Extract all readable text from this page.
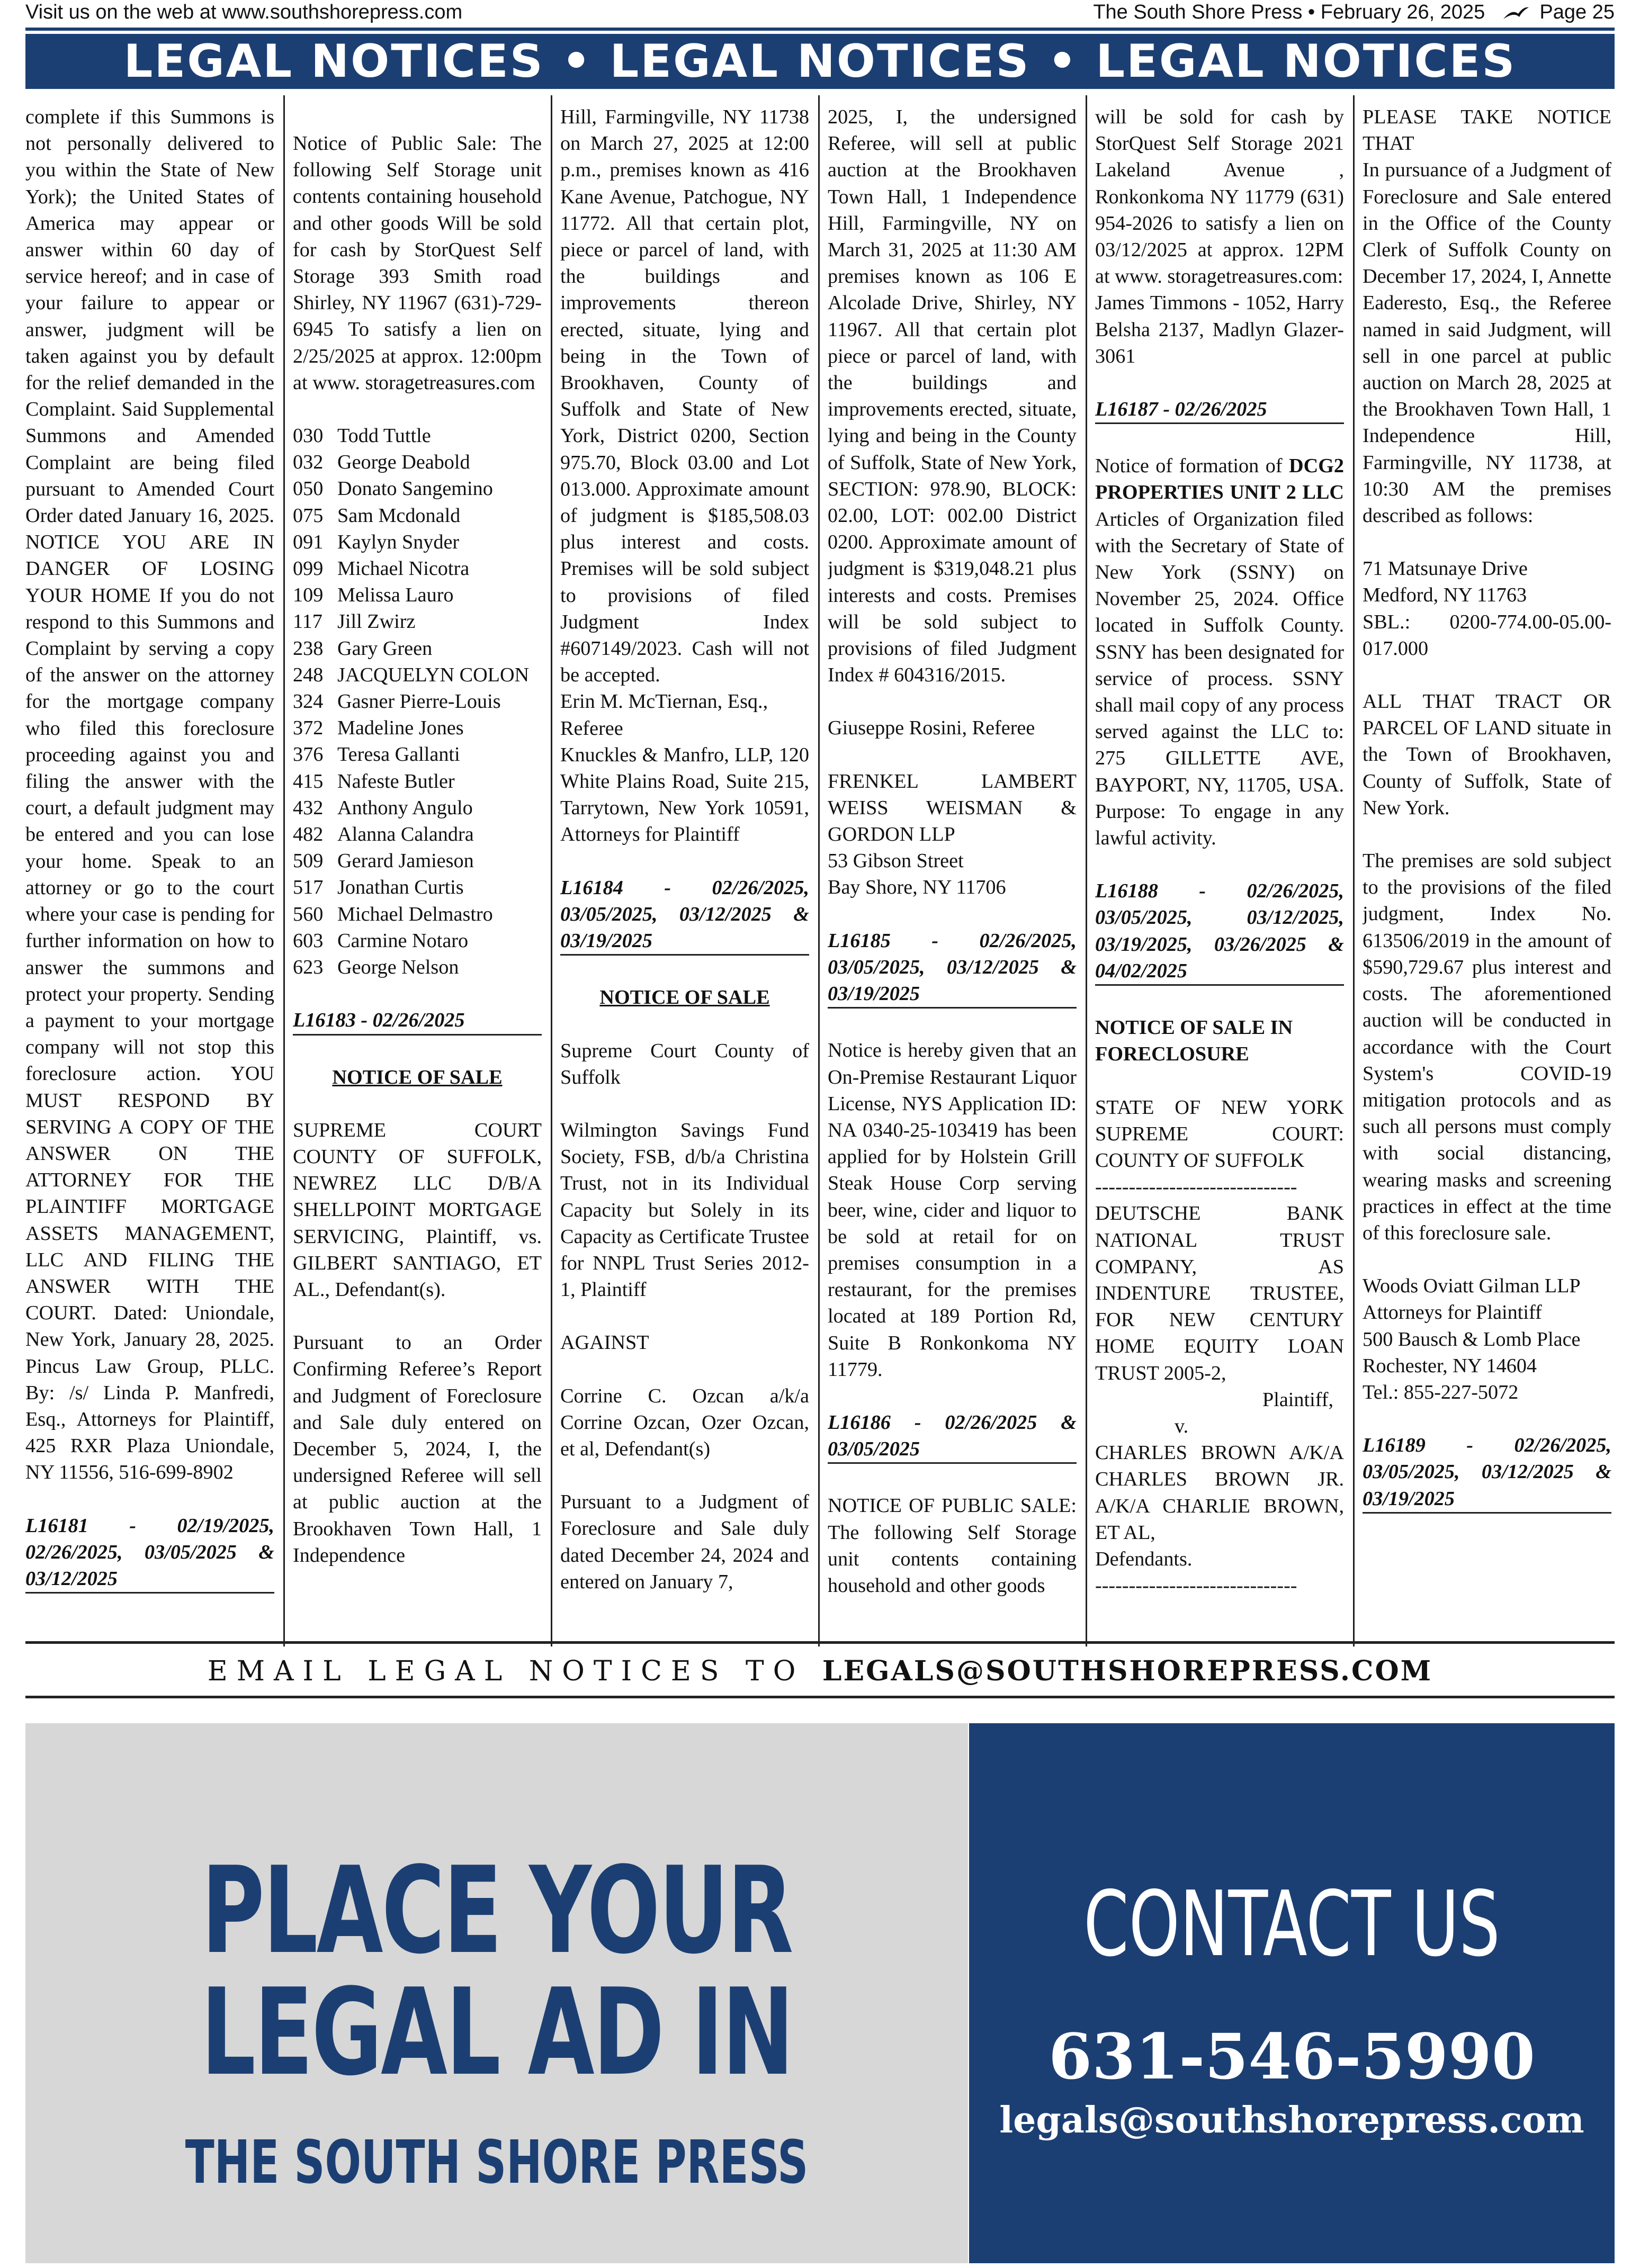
Visit us on the web at www.southshorepress.com	The South Shore Press • February 26, 2025	Page 25
LEGAL NOTICES • LEGAL NOTICES • LEGAL NOTICES

complete if this Summons is not personally delivered to you within the State of New York); the United States of America may appear or answer within 60 day of service hereof; and in case of your failure to appear or answer, judgment will be taken against you by default for the relief demanded in the Complaint. Said Supplemental Summons and Amended Complaint are being filed pursuant to Amended Court Order dated January 16, 2025. NOTICE YOU ARE IN DANGER OF LOSING YOUR HOME If you do not respond to this Summons and Complaint by serving a copy of the answer on the attorney for the mortgage company who filed this foreclosure proceeding against you and filing the answer with the court, a default judgment may be entered and you can lose your home. Speak to an attorney or go to the court where your case is pending for further information on how to answer the summons and protect your property. Sending a payment to your mortgage company will not stop this foreclosure action. YOU MUST RESPOND BY SERVING A COPY OF THE ANSWER ON THE ATTORNEY FOR THE PLAINTIFF MORTGAGE ASSETS MANAGEMENT, LLC AND FILING THE ANSWER WITH THE COURT. Dated: Uniondale, New York, January 28, 2025. Pincus Law Group, PLLC. By: /s/ Linda P. Manfredi, Esq., Attorneys for Plaintiff, 425 RXR Plaza Uniondale, NY 11556, 516-699-8902

L16181 - 02/19/2025, 02/26/2025, 03/05/2025 & 03/12/2025

Notice of Public Sale: The following Self Storage unit contents containing household and other goods Will be sold for cash by StorQuest Self Storage 393 Smith road Shirley, NY 11967 (631)-729-6945 To satisfy a lien on 2/25/2025 at approx. 12:00pm at www. storagetreasures.com

030 Todd Tuttle

032 George Deabold

050 Donato Sangemino

075 Sam Mcdonald

091 Kaylyn Snyder

099 Michael Nicotra

109 Melissa Lauro

117 Jill Zwirz

238 Gary Green

248 JACQUELYN COLON

324 Gasner Pierre-Louis

372 Madeline Jones

376 Teresa Gallanti

415 Nafeste Butler

432 Anthony Angulo

482 Alanna Calandra

509 Gerard Jamieson

517 Jonathan Curtis

560 Michael Delmastro

603 Carmine Notaro

623 George Nelson

L16183 - 02/26/2025

NOTICE OF SALE

SUPREME COURT COUNTY OF SUFFOLK, NEWREZ LLC D/B/A SHELLPOINT MORTGAGE SERVICING, Plaintiff, vs. GILBERT SANTIAGO, ET AL., Defendant(s).

Pursuant to an Order Confirming Referee’s Report and Judgment of Foreclosure and Sale duly entered on December 5, 2024, I, the undersigned Referee will sell at public auction at the Brookhaven Town Hall, 1 Independence

Hill, Farmingville, NY 11738 on March 27, 2025 at 12:00 p.m., premises known as 416 Kane Avenue, Patchogue, NY 11772. All that certain plot, piece or parcel of land, with the buildings and improvements thereon erected, situate, lying and being in the Town of Brookhaven, County of Suffolk and State of New York, District 0200, Section 975.70, Block 03.00 and Lot 013.000. Approximate amount of judgment is $185,508.03 plus interest and costs. Premises will be sold subject to provisions of filed Judgment Index #607149/2023. Cash will not be accepted.

Erin M. McTiernan, Esq., Referee

Knuckles & Manfro, LLP, 120 White Plains Road, Suite 215, Tarrytown, New York 10591, Attorneys for Plaintiff

L16184 - 02/26/2025, 03/05/2025, 03/12/2025 & 03/19/2025

NOTICE OF SALE

Supreme Court County of Suffolk

Wilmington Savings Fund Society, FSB, d/b/a Christina Trust, not in its Individual Capacity but Solely in its Capacity as Certificate Trustee for NNPL Trust Series 2012-1, Plaintiff

AGAINST

Corrine C. Ozcan a/k/a Corrine Ozcan, Ozer Ozcan, et al, Defendant(s)

Pursuant to a Judgment of Foreclosure and Sale duly dated December 24, 2024 and entered on January 7,

2025, I, the undersigned Referee, will sell at public auction at the Brookhaven Town Hall, 1 Independence Hill, Farmingville, NY on March 31, 2025 at 11:30 AM premises known as 106 E Alcolade Drive, Shirley, NY 11967. All that certain plot piece or parcel of land, with the buildings and improvements erected, situate, lying and being in the County of Suffolk, State of New York, SECTION: 978.90, BLOCK: 02.00, LOT: 002.00 District 0200. Approximate amount of judgment is $319,048.21 plus interests and costs. Premises will be sold subject to provisions of filed Judgment Index # 604316/2015.

Giuseppe Rosini, Referee

FRENKEL LAMBERT WEISS WEISMAN & GORDON LLP

53 Gibson Street

Bay Shore, NY 11706

L16185 - 02/26/2025, 03/05/2025, 03/12/2025 & 03/19/2025

Notice is hereby given that an On-Premise Restaurant Liquor License, NYS Application ID: NA 0340-25-103419 has been applied for by Holstein Grill Steak House Corp serving beer, wine, cider and liquor to be sold at retail for on premises consumption in a restaurant, for the premises located at 189 Portion Rd, Suite B Ronkonkoma NY 11779.

L16186 - 02/26/2025 & 03/05/2025

NOTICE OF PUBLIC SALE: The following Self Storage unit contents containing household and other goods

will be sold for cash by StorQuest Self Storage 2021 Lakeland Avenue , Ronkonkoma NY 11779 (631) 954-2026 to satisfy a lien on 03/12/2025 at approx. 12PM at www. storagetreasures.com:

James Timmons - 1052, Harry Belsha 2137, Madlyn Glazer-3061

L16187 - 02/26/2025

Notice of formation of DCG2 PROPERTIES UNIT 2 LLC Articles of Organization filed with the Secretary of State of New York (SSNY) on November 25, 2024. Office located in Suffolk County. SSNY has been designated for service of process. SSNY shall mail copy of any process served against the LLC to: 275 GILLETTE AVE, BAYPORT, NY, 11705, USA. Purpose: To engage in any lawful activity.

L16188 - 02/26/2025, 03/05/2025, 03/12/2025, 03/19/2025, 03/26/2025 & 04/02/2025

NOTICE OF SALE IN FORECLOSURE

STATE OF NEW YORK SUPREME COURT: COUNTY OF SUFFOLK

------------------------------

DEUTSCHE BANK NATIONAL TRUST COMPANY, AS INDENTURE TRUSTEE, FOR NEW CENTURY HOME EQUITY LOAN TRUST 2005-2,

Plaintiff,

v.

CHARLES BROWN A/K/A CHARLES BROWN JR. A/K/A CHARLIE BROWN, ET AL,

Defendants.

------------------------------

PLEASE TAKE NOTICE THAT

In pursuance of a Judgment of Foreclosure and Sale entered in the Office of the County Clerk of Suffolk County on December 17, 2024, I, Annette Eaderesto, Esq., the Referee named in said Judgment, will sell in one parcel at public auction on March 28, 2025 at the Brookhaven Town Hall, 1 Independence Hill, Farmingville, NY 11738, at 10:30 AM the premises described as follows:

71 Matsunaye Drive

Medford, NY 11763

SBL.: 0200-774.00-05.00-017.000

ALL THAT TRACT OR PARCEL OF LAND situate in the Town of Brookhaven, County of Suffolk, State of New York.

The premises are sold subject to the provisions of the filed judgment, Index No. 613506/2019 in the amount of $590,729.67 plus interest and costs. The aforementioned auction will be conducted in accordance with the Court System's COVID-19 mitigation protocols and as such all persons must comply with social distancing, wearing masks and screening practices in effect at the time of this foreclosure sale.

Woods Oviatt Gilman LLP

Attorneys for Plaintiff

500 Bausch & Lomb Place

Rochester, NY 14604

Tel.: 855-227-5072

L16189 - 02/26/2025, 03/05/2025, 03/12/2025 & 03/19/2025

EMAIL LEGAL NOTICES TO LEGALS@SOUTHSHOREPRESS.COM
PLACE YOUR
LEGAL AD IN
THE SOUTH SHORE PRESS
CONTACT US
631-546-5990
legals@southshorepress.com
